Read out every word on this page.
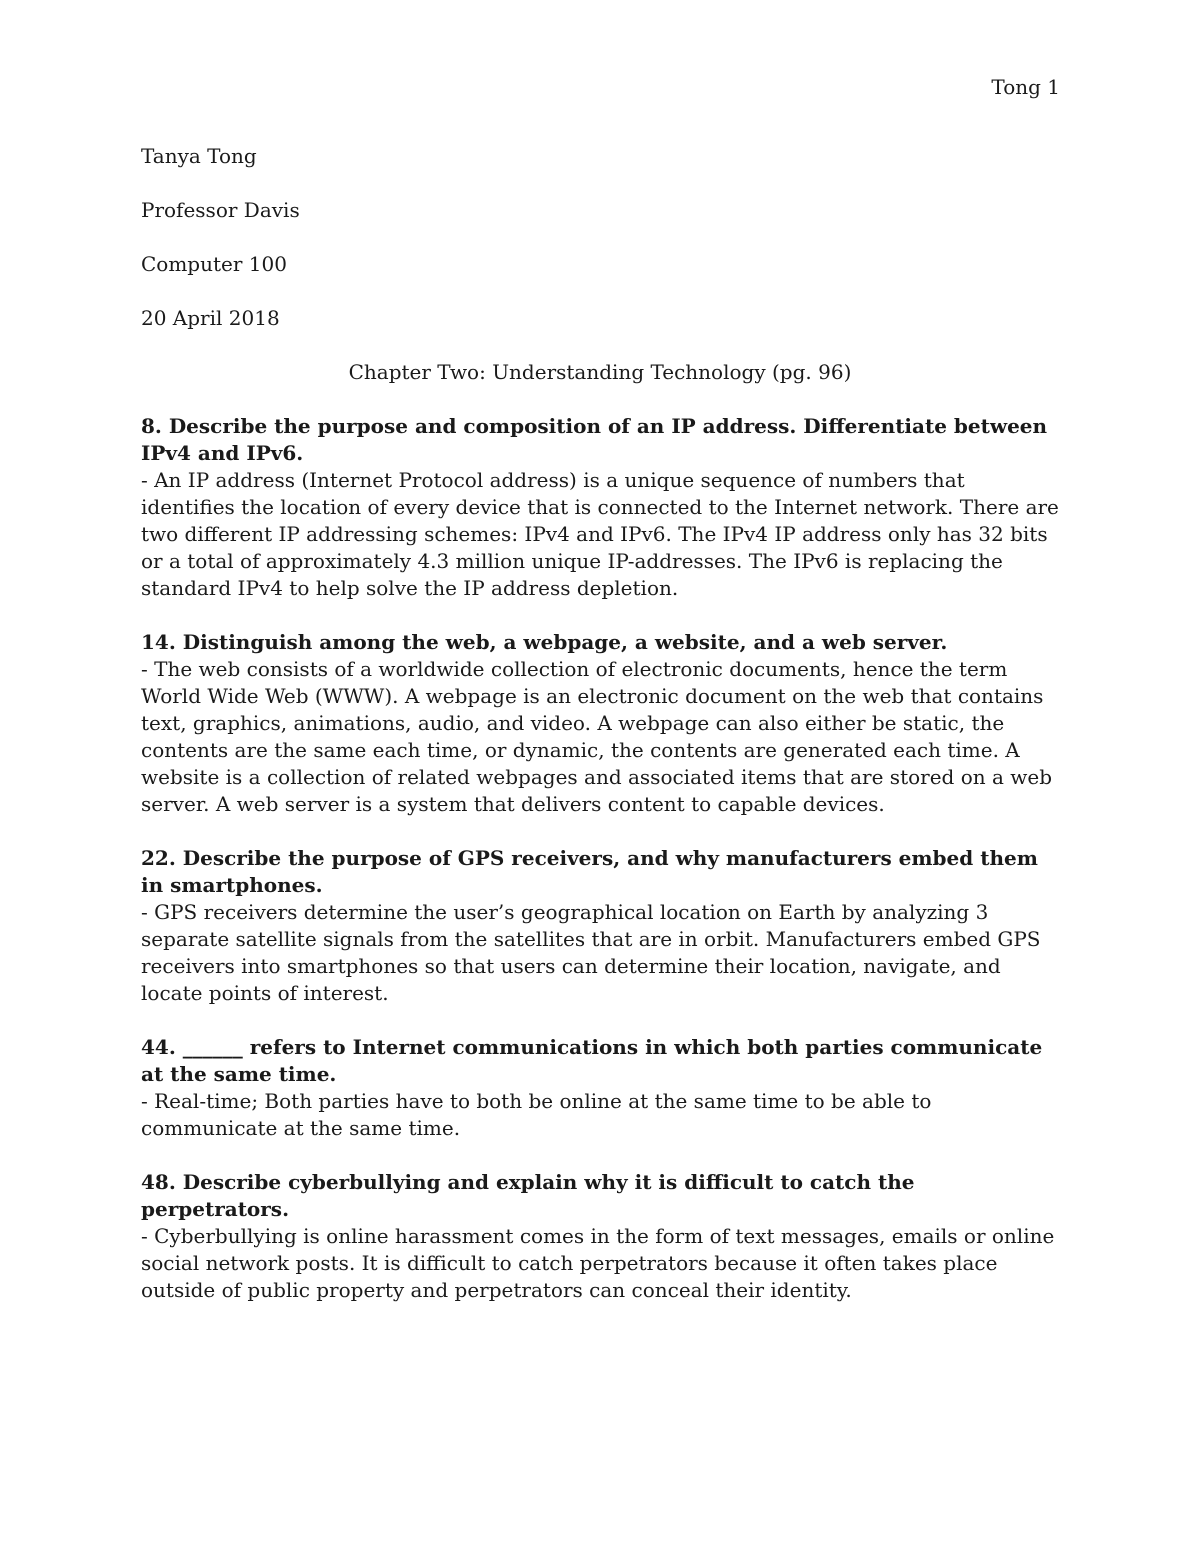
Tong 1
Tanya Tong
Professor Davis
Computer 100
20 April 2018
Chapter Two: Understanding Technology (pg. 96)
8. Describe the purpose and composition of an IP address. Differentiate between IPv4 and IPv6.
- An IP address (Internet Protocol address) is a unique sequence of numbers that identifies the location of every device that is connected to the Internet network. There are two different IP addressing schemes: IPv4 and IPv6. The IPv4 IP address only has 32 bits or a total of approximately 4.3 million unique IP-addresses. The IPv6 is replacing the standard IPv4 to help solve the IP address depletion.
14. Distinguish among the web, a webpage, a website, and a web server.
- The web consists of a worldwide collection of electronic documents, hence the term World Wide Web (WWW). A webpage is an electronic document on the web that contains text, graphics, animations, audio, and video. A webpage can also either be static, the contents are the same each time, or dynamic, the contents are generated each time. A website is a collection of related webpages and associated items that are stored on a web server. A web server is a system that delivers content to capable devices.
22. Describe the purpose of GPS receivers, and why manufacturers embed them in smartphones.
- GPS receivers determine the user’s geographical location on Earth by analyzing 3 separate satellite signals from the satellites that are in orbit. Manufacturers embed GPS receivers into smartphones so that users can determine their location, navigate, and locate points of interest.
44. ______ refers to Internet communications in which both parties communicate at the same time.
- Real-time; Both parties have to both be online at the same time to be able to communicate at the same time.
48. Describe cyberbullying and explain why it is difficult to catch the perpetrators.
- Cyberbullying is online harassment comes in the form of text messages, emails or online social network posts. It is difficult to catch perpetrators because it often takes place outside of public property and perpetrators can conceal their identity.
